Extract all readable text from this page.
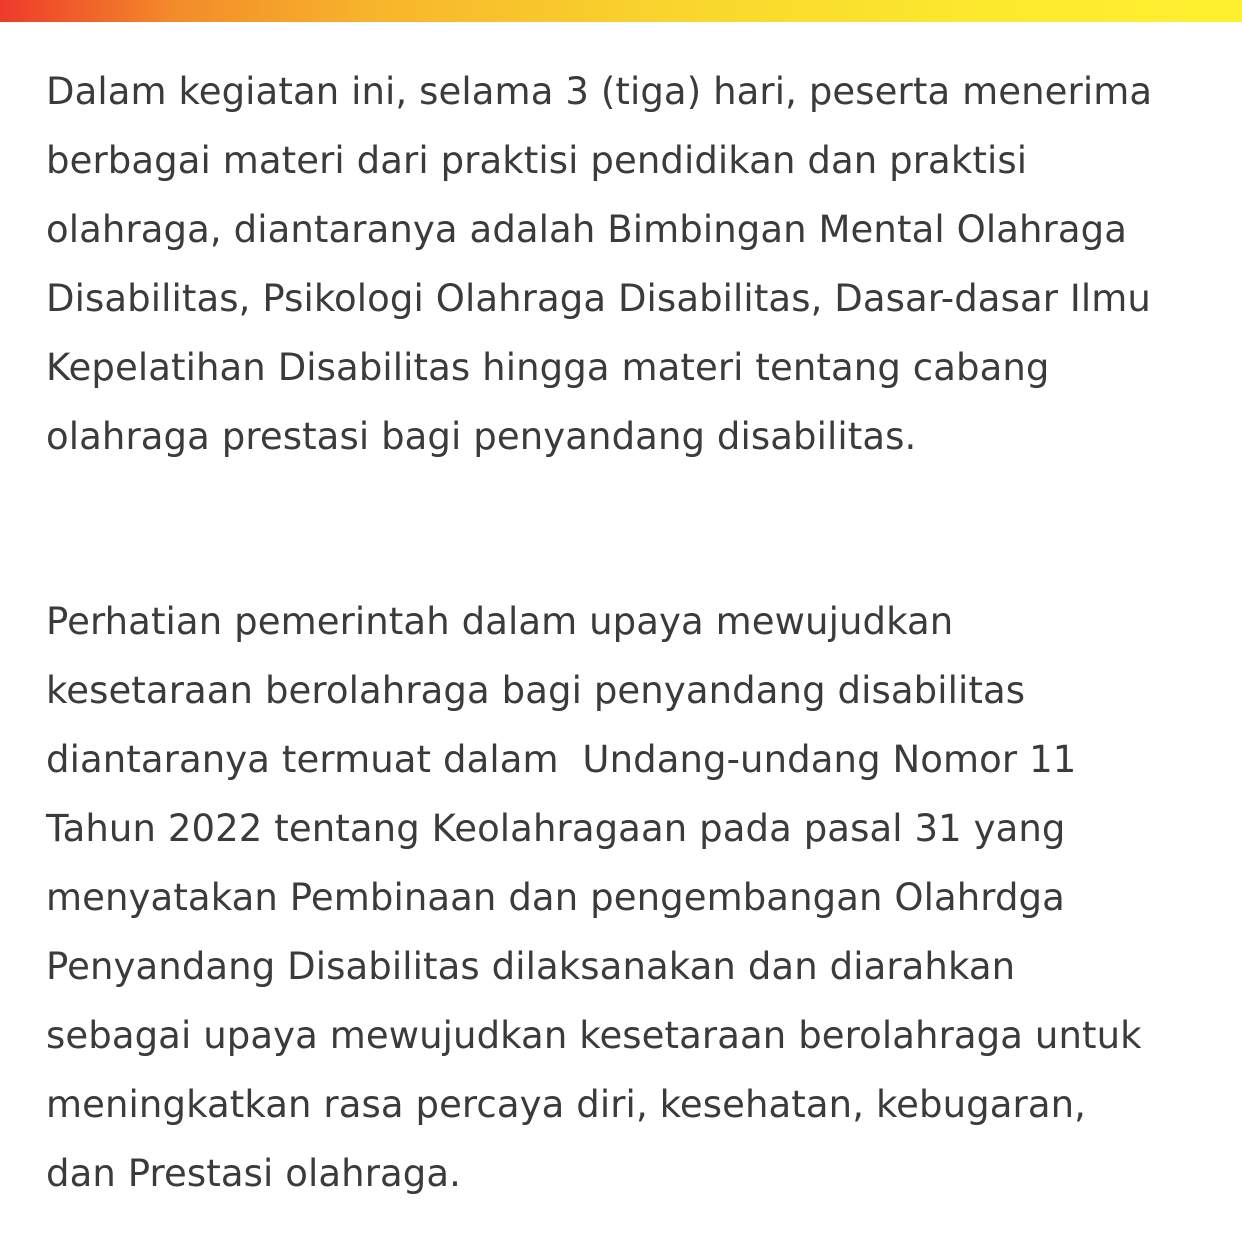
Dalam kegiatan ini, selama 3 (tiga) hari, peserta menerima
berbagai materi dari praktisi pendidikan dan praktisi
olahraga, diantaranya adalah Bimbingan Mental Olahraga
Disabilitas, Psikologi Olahraga Disabilitas, Dasar-dasar Ilmu
Kepelatihan Disabilitas hingga materi tentang cabang
olahraga prestasi bagi penyandang disabilitas.

Perhatian pemerintah dalam upaya mewujudkan
kesetaraan berolahraga bagi penyandang disabilitas
diantaranya termuat dalam  Undang-undang Nomor 11
Tahun 2022 tentang Keolahragaan pada pasal 31 yang
menyatakan Pembinaan dan pengembangan Olahrdga
Penyandang Disabilitas dilaksanakan dan diarahkan
sebagai upaya mewujudkan kesetaraan berolahraga untuk
meningkatkan rasa percaya diri, kesehatan, kebugaran,
dan Prestasi olahraga.
